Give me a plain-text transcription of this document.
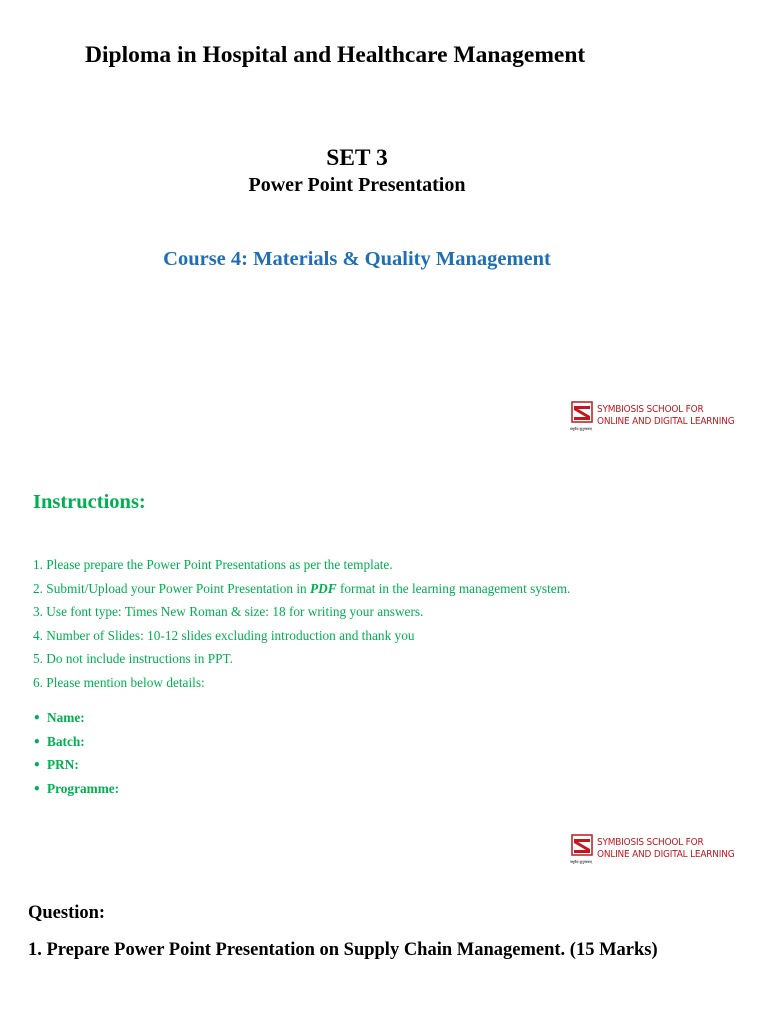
Diploma in Hospital and Healthcare Management
SET 3
Power Point Presentation
Course 4: Materials & Quality Management
वसुधैव कुटुम्बकम्
SYMBIOSIS SCHOOL FOR
ONLINE AND DIGITAL LEARNING
Instructions:
1. Please prepare the Power Point Presentations as per the template.
2. Submit/Upload your Power Point Presentation in PDF format in the learning management system.
3. Use font type: Times New Roman & size: 18 for writing your answers.
4. Number of Slides: 10-12 slides excluding introduction and thank you
5. Do not include instructions in PPT.
6. Please mention below details:
• Name:
• Batch:
• PRN:
• Programme:
वसुधैव कुटुम्बकम्
SYMBIOSIS SCHOOL FOR
ONLINE AND DIGITAL LEARNING
Question:
1. Prepare Power Point Presentation on Supply Chain Management. (15 Marks)
